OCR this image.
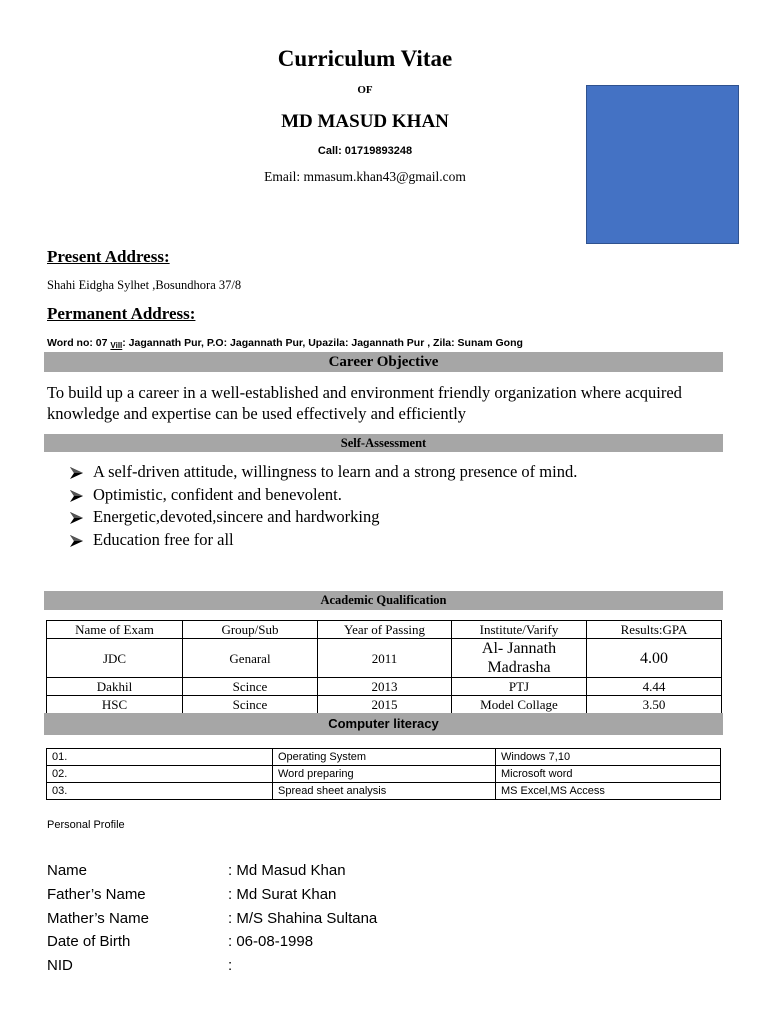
Curriculum Vitae
OF
MD MASUD KHAN
Call: 01719893248
Email: mmasum.khan43@gmail.com
Present Address:
Shahi Eidgha Sylhet ,Bosundhora 37/8
Permanent Address:
Word no: 07 Vill: Jagannath Pur, P.O: Jagannath Pur, Upazila: Jagannath Pur , Zila: Sunam Gong
Career Objective
To build up a career in a well-established and environment friendly organization where acquired knowledge and expertise can be used effectively and efficiently
Self-Assessment
A self-driven attitude, willingness to learn and a strong presence of mind.
Optimistic, confident and benevolent.
Energetic,devoted,sincere and hardworking
Education free for all
Academic Qualification
Name of Exam	Group/Sub	Year of Passing	Institute/Varify	Results:GPA
JDC	Genaral	2011	Al- Jannath Madrasha	4.00
Dakhil	Scince	2013	PTJ	4.44
HSC	Scince	2015	Model Collage	3.50
Computer literacy
01.	Operating System	Windows 7,10
02.	Word preparing	Microsoft word
03.	Spread sheet analysis	MS Excel,MS Access
Personal Profile
Name	: Md Masud Khan
Father’s Name	: Md Surat Khan
Mather’s Name	: M/S Shahina Sultana
Date of Birth	: 06-08-1998
NID	:
